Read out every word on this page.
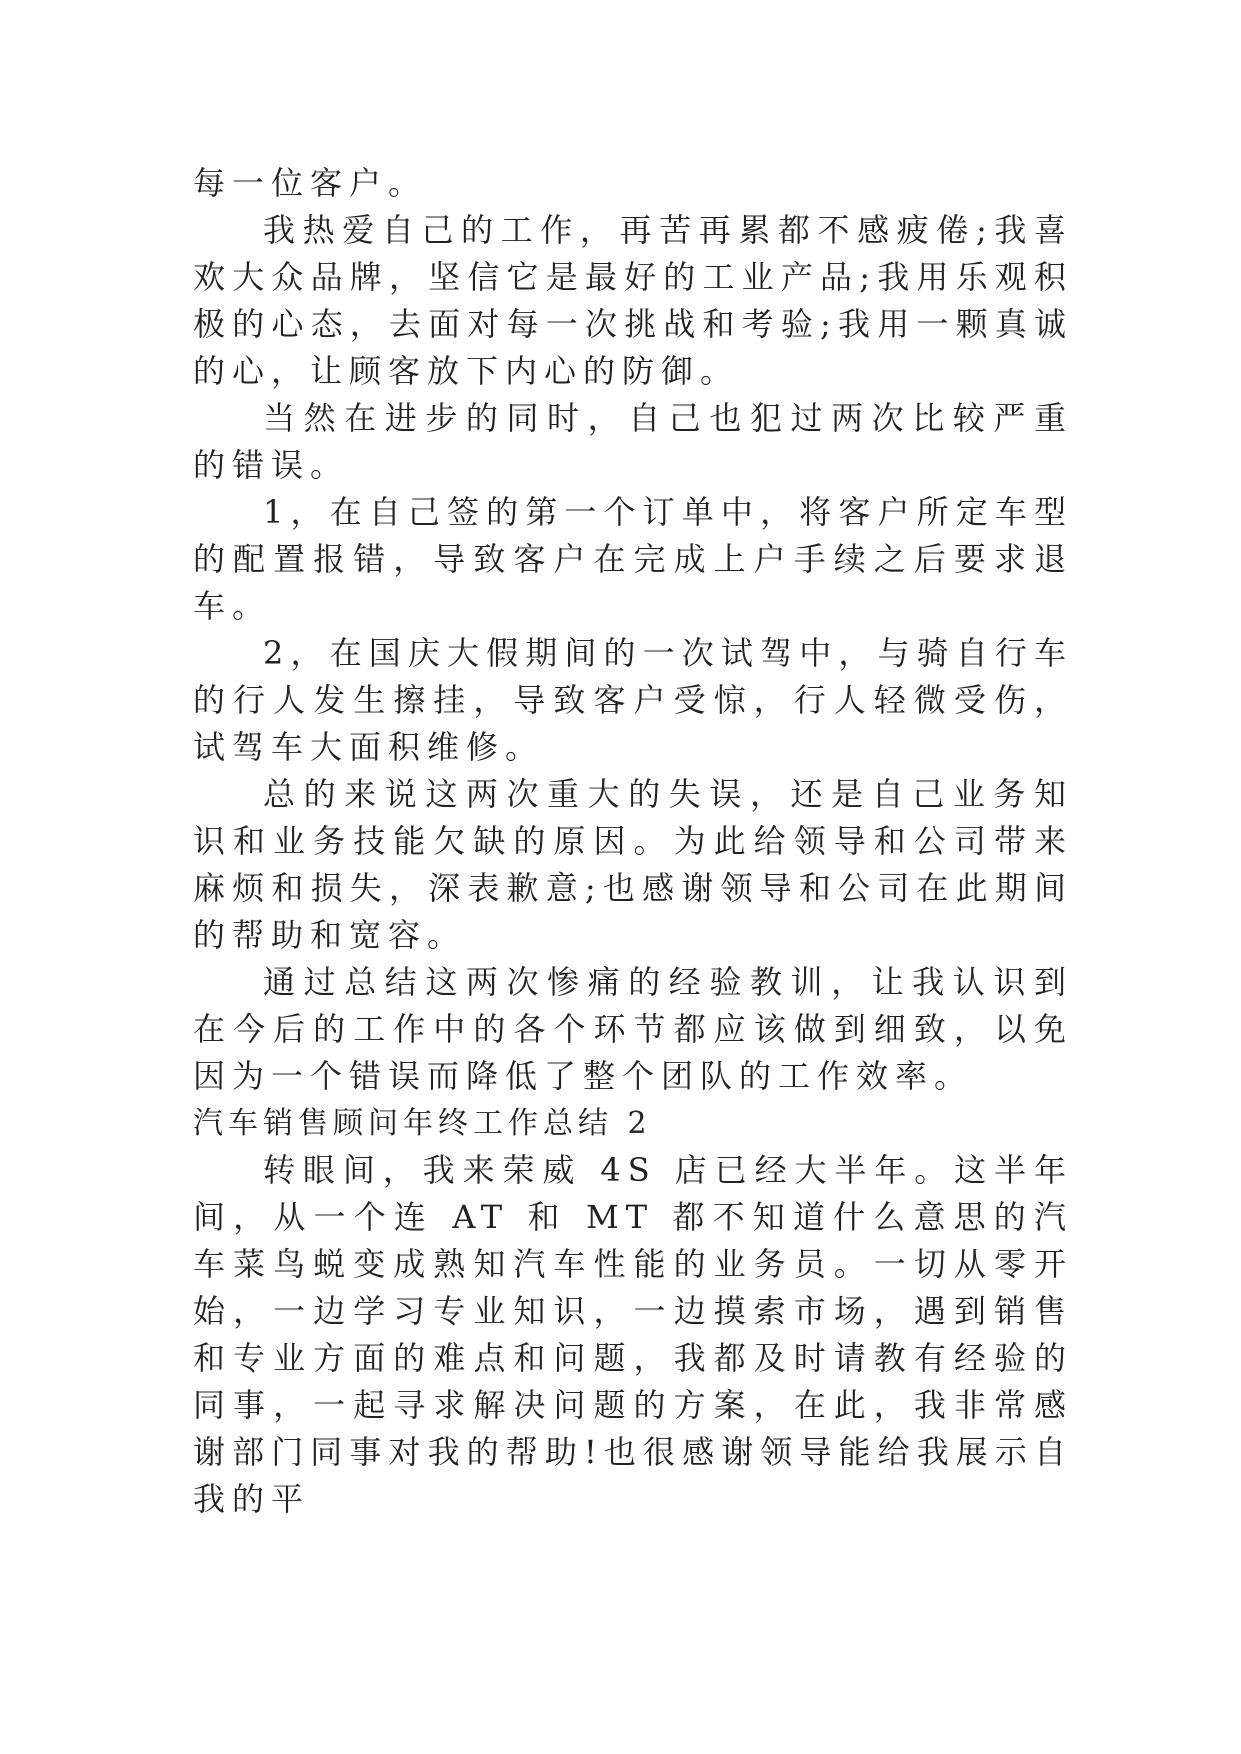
每一位客户。

我热爱自己的工作，再苦再累都不感疲倦;我喜欢大众品牌，坚信它是最好的工业产品;我用乐观积极的心态，去面对每一次挑战和考验;我用一颗真诚的心，让顾客放下内心的防御。

当然在进步的同时，自己也犯过两次比较严重的错误。

1，在自己签的第一个订单中，将客户所定车型的配置报错，导致客户在完成上户手续之后要求退车。

2，在国庆大假期间的一次试驾中，与骑自行车的行人发生擦挂，导致客户受惊，行人轻微受伤，试驾车大面积维修。

总的来说这两次重大的失误，还是自己业务知识和业务技能欠缺的原因。为此给领导和公司带来麻烦和损失，深表歉意;也感谢领导和公司在此期间的帮助和宽容。

通过总结这两次惨痛的经验教训，让我认识到在今后的工作中的各个环节都应该做到细致，以免因为一个错误而降低了整个团队的工作效率。

汽车销售顾问年终工作总结 2

转眼间，我来荣威 4S 店已经大半年。这半年间，从一个连 AT 和 MT 都不知道什么意思的汽车菜鸟蜕变成熟知汽车性能的业务员。一切从零开始，一边学习专业知识，一边摸索市场，遇到销售和专业方面的难点和问题，我都及时请教有经验的同事，一起寻求解决问题的方案，在此，我非常感谢部门同事对我的帮助!也很感谢领导能给我展示自我的平
